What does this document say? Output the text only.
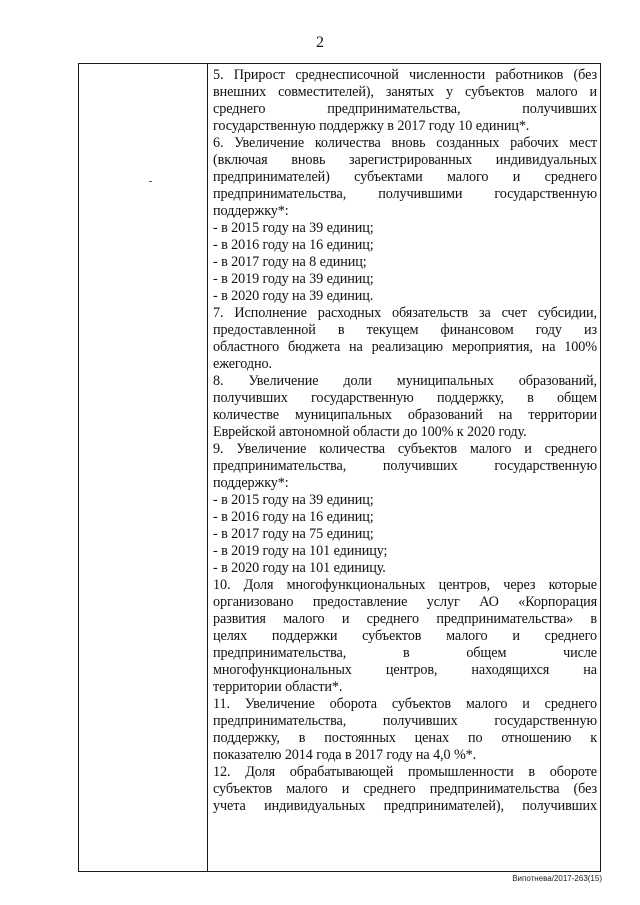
2
5. Прирост среднесписочной численности работников (без
внешних совместителей), занятых у субъектов малого и
среднего предпринимательства, получивших
государственную поддержку в 2017 году 10 единиц*.
6. Увеличение количества вновь созданных рабочих мест
(включая вновь зарегистрированных индивидуальных
предпринимателей) субъектами малого и среднего
предпринимательства, получившими государственную
поддержку*:
- в 2015 году на 39 единиц;
- в 2016 году на 16 единиц;
- в 2017 году на 8 единиц;
- в 2019 году на 39 единиц;
- в 2020 году на 39 единиц.
7. Исполнение расходных обязательств за счет субсидии,
предоставленной в текущем финансовом году из
областного бюджета на реализацию мероприятия, на 100%
ежегодно.
8. Увеличение доли муниципальных образований,
получивших государственную поддержку, в общем
количестве муниципальных образований на территории
Еврейской автономной области до 100% к 2020 году.
9. Увеличение количества субъектов малого и среднего
предпринимательства, получивших государственную
поддержку*:
- в 2015 году на 39 единиц;
- в 2016 году на 16 единиц;
- в 2017 году на 75 единиц;
- в 2019 году на 101 единицу;
- в 2020 году на 101 единицу.
10. Доля многофункциональных центров, через которые
организовано предоставление услуг АО «Корпорация
развития малого и среднего предпринимательства» в
целях поддержки субъектов малого и среднего
предпринимательства, в общем числе
многофункциональных центров, находящихся на
территории области*.
11. Увеличение оборота субъектов малого и среднего
предпринимательства, получивших государственную
поддержку, в постоянных ценах по отношению к
показателю 2014 года в 2017 году на 4,0 %*.
12. Доля обрабатывающей промышленности в обороте
субъектов малого и среднего предпринимательства (без
учета индивидуальных предпринимателей), получивших
Випотнева/2017-263(15)
